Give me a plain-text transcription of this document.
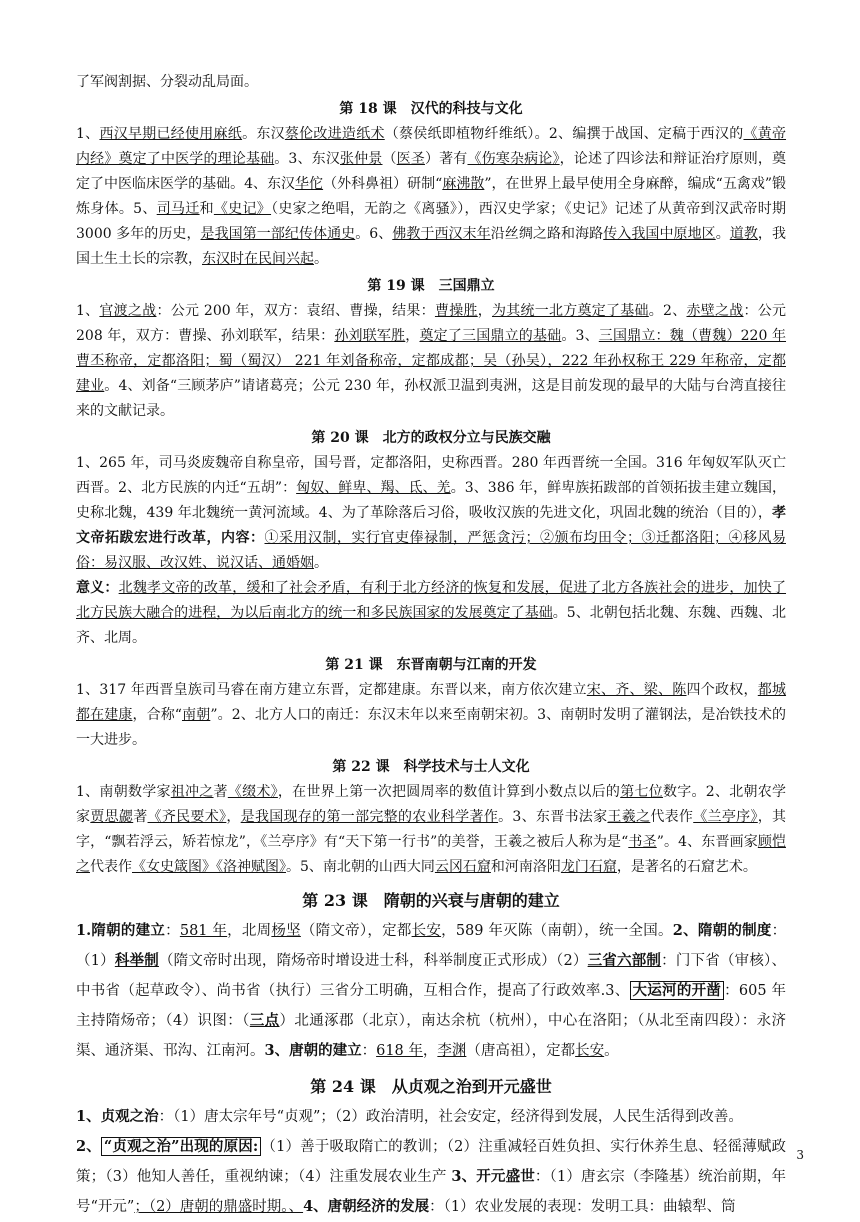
了军阀割据、分裂动乱局面。

第 18 课　汉代的科技与文化

1、西汉早期已经使用麻纸。东汉蔡伦改进造纸术（蔡侯纸即植物纤维纸）。2、编撰于战国、定稿于西汉的《黄帝内经》奠定了中医学的理论基础。3、东汉张仲景（医圣）著有《伤寒杂病论》，论述了四诊法和辩证治疗原则，奠定了中医临床医学的基础。4、东汉华佗（外科鼻祖）研制“麻沸散”，在世界上最早使用全身麻醉，编成“五禽戏”锻炼身体。5、司马迁和《史记》（史家之绝唱，无韵之《离骚》），西汉史学家；《史记》记述了从黄帝到汉武帝时期 3000 多年的历史，是我国第一部纪传体通史。6、佛教于西汉末年沿丝绸之路和海路传入我国中原地区。道教，我国土生土长的宗教，东汉时在民间兴起。

第 19 课　三国鼎立

1、官渡之战：公元 200 年，双方：袁绍、曹操，结果：曹操胜，为其统一北方奠定了基础。2、赤壁之战：公元 208 年，双方：曹操、孙刘联军，结果：孙刘联军胜，奠定了三国鼎立的基础。3、三国鼎立：魏（曹魏）220 年曹丕称帝，定都洛阳；蜀（蜀汉） 221 年刘备称帝，定都成都；吴（孙吴），222 年孙权称王 229 年称帝，定都建业。4、刘备“三顾茅庐”请诸葛亮；公元 230 年，孙权派卫温到夷洲，这是目前发现的最早的大陆与台湾直接往来的文献记录。

第 20 课　北方的政权分立与民族交融

1、265 年，司马炎废魏帝自称皇帝，国号晋，定都洛阳，史称西晋。280 年西晋统一全国。316 年匈奴军队灭亡西晋。2、北方民族的内迁“五胡”：匈奴、鲜卑、羯、氐、羌。3、386 年，鲜卑族拓跋部的首领拓拔圭建立魏国，史称北魏，439 年北魏统一黄河流域。4、为了革除落后习俗，吸收汉族的先进文化，巩固北魏的统治（目的），孝文帝拓跋宏进行改革，内容：①采用汉制，实行官吏俸禄制，严惩贪污；②颁布均田令；③迁都洛阳；④移风易俗：易汉服、改汉姓、说汉话、通婚姻。

意义：北魏孝文帝的改革，缓和了社会矛盾，有利于北方经济的恢复和发展，促进了北方各族社会的进步，加快了北方民族大融合的进程，为以后南北方的统一和多民族国家的发展奠定了基础。5、北朝包括北魏、东魏、西魏、北齐、北周。

第 21 课　东晋南朝与江南的开发

1、317 年西晋皇族司马睿在南方建立东晋，定都建康。东晋以来，南方依次建立宋、齐、梁、陈四个政权，都城都在建康，合称“南朝”。2、北方人口的南迁：东汉末年以来至南朝宋初。3、南朝时发明了灌钢法，是冶铁技术的一大进步。

第 22 课　科学技术与士人文化

1、南朝数学家祖冲之著《缀术》，在世界上第一次把圆周率的数值计算到小数点以后的第七位数字。2、北朝农学家贾思勰著《齐民要术》，是我国现存的第一部完整的农业科学著作。3、东晋书法家王羲之代表作《兰亭序》，其字，“飘若浮云，矫若惊龙”，《兰亭序》有“天下第一行书”的美誉，王羲之被后人称为是“书圣”。4、东晋画家顾恺之代表作《女史箴图》《洛神赋图》。5、南北朝的山西大同云冈石窟和河南洛阳龙门石窟，是著名的石窟艺术。

第 23 课　隋朝的兴衰与唐朝的建立

1.隋朝的建立：581 年，北周杨坚（隋文帝），定都长安，589 年灭陈（南朝），统一全国。2、隋朝的制度：（1）科举制（隋文帝时出现，隋炀帝时增设进士科，科举制度正式形成）（2）三省六部制：门下省（审核）、中书省（起草政令）、尚书省（执行）三省分工明确，互相合作，提高了行政效率.3、 大运河的开凿 ：605 年主持隋炀帝；（4）识图：（三点）北通涿郡（北京），南达余杭（杭州），中心在洛阳；（从北至南四段）：永济渠、通济渠、邗沟、江南河。3、唐朝的建立：618 年，李渊（唐高祖），定都长安。

第 24 课　从贞观之治到开元盛世

1、贞观之治：（1）唐太宗年号“贞观”；（2）政治清明，社会安定，经济得到发展，人民生活得到改善。

2、 “贞观之治”出现的原因: （1）善于吸取隋亡的教训；（2）注重减轻百姓负担、实行休养生息、轻徭薄赋政策；（3）他知人善任，重视纳谏；（4）注重发展农业生产 3、开元盛世：（1）唐玄宗（李隆基）统治前期，年号“开元”；（2）唐朝的鼎盛时期。、4、唐朝经济的发展：（1）农业发展的表现：发明工具：曲辕犁、筒

3
